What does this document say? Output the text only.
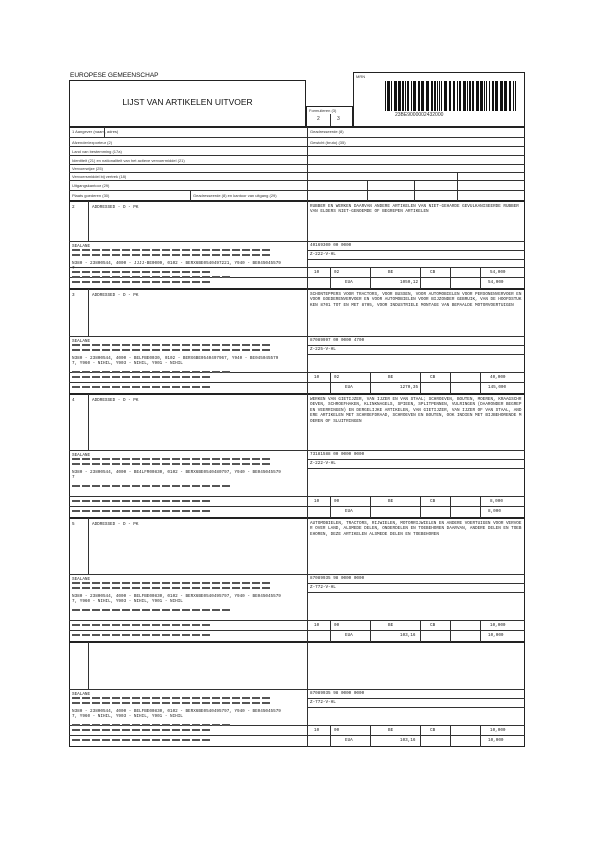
EUROPESE GEMEENSCHAP
LIJST VAN ARTIKELEN UITVOER
Formulieren (3)
2	3
MRN
23BE9000002432000
1 Aangever (naam, adres)
Afzender/exporteur (2)
Land van bestemming (17a)
Identiteit (21) en nationaliteit van het actieve vervoermiddel (21)
Vervoerwijze (25)
Vervoersmiddel bij vertrek (18)
Uitgangskantoor (29)
Plaats goederen (30)	Geadresseerde (8) en kantoor van uitgang (29)
Geadresseerde (8)
Gewicht (bruto) (35)
2	ADDRESSED - D - PK	RUBBER EN WERKEN DAARVAN ANDERE ARTIKELEN VAN NIET-GEHARDE GEVULKANISEERDE RUBBER VAN ELDERS NIET-GENOEMDE OF BEGREPEN ARTIKELEN
SEALANE	40169300 00 0000
Z-222-V-HL
N380 - 23800544, 4000 - JJJJ-BE0009, 0102 - BERX6BE0540497221, Y940 - BE0450455797
10	02	BE	CB	54,000
EUA	1050,12	54,000
3	ADDRESSED - D - PK	SCHONTEPPERS VOOR TRACTORS, VOOR BUSSEN, VOOR AUTOMOBIELEN VOOR PERSONENVERVOER EN VOOR GOEDERENVERVOER EN VOOR AUTOMOBIELEN VOOR BIJZONDER GEBRUIK, VAN DE HOOFDSTUKKEN 8701 TOT EN MET 8705, VOOR INDUSTRIELE MONTAGE VAN BEPAALDE MOTORVOERTUIGEN
SEALANE	87089997 00 0000 4700
Z-225-V-HL
N380 - 23800544, 4000 - BELFBE0030, 0102 - BERX6BE0540497967, Y940 - BE0450455797, Y960 - NIHIL, Y903 - NIHIL, Y901 - NIHIL
10	02	BE	CB	40,000
EUA	1270,35	145,000
4	ADDRESSED - D - PK	WERKEN VAN GIETIJZER, VAN IJZER EN VAN STAAL; SCHROEVEN, BOUTEN, MOEREN, KRAAGSCHROEVEN, SCHROEFHAKEN, KLINKNAGELS, SPIEEN, SPLITPENNEN, VULRINGEN (DAARONDER BEGREPEN VEERRINGEN) EN DERGELIJKE ARTIKELEN, VAN GIETIJZER, VAN IJZER OF VAN STAAL, ANDERE ARTIKELEN MET SCHROEFDRAAD, SCHROEVEN EN BOUTEN, OOK INDIEN MET BIJBEHORENDE MOEREN OF SLUITRINGEN
SEALANE	73181588 00 0000 0000
Z-222-V-HL
N380 - 23800544, 4000 - BE4LFR00830, 0102 - BERX6BE0540480797, Y940 - BE0450455797
10	00	BE	CB	8,000
EUA	8,000
5	ADDRESSED - D - PK	AUTOMOBIELEN, TRACTORS, RIJWIELEN, MOTORRIJWIELEN EN ANDERE VOERTUIGEN VOOR VERVOER OVER LAND, ALSMEDE DELEN, ONDERDELEN EN TOEBEHOREN DAARVAN, ANDERE DELEN EN TOEBEHOREN, DEZE ARTIKELEN ALSMEDE DELEN EN TOEBEHOREN
SEALANE	87089935 98 0000 0000
Z-772-V-HL
N380 - 23800544, 4000 - BELFBE00830, 0102 - BERX6BE0540495797, Y940 - BE0450455797, Y960 - NIHIL, Y903 - NIHIL, Y901 - NIHIL
10	00	BE	CB	10,000
EUA	103,16	10,000
SEALANE	87089935 98 0000 0000
Z-772-V-HL
N380 - 23800544, 4000 - BELFBE00830, 0102 - BERX6BE0540495797, Y940 - BE0450455797, Y960 - NIHIL, Y903 - NIHIL, Y901 - NIHIL
10	00	BE	CB	10,000
EUA	103,16	10,000
